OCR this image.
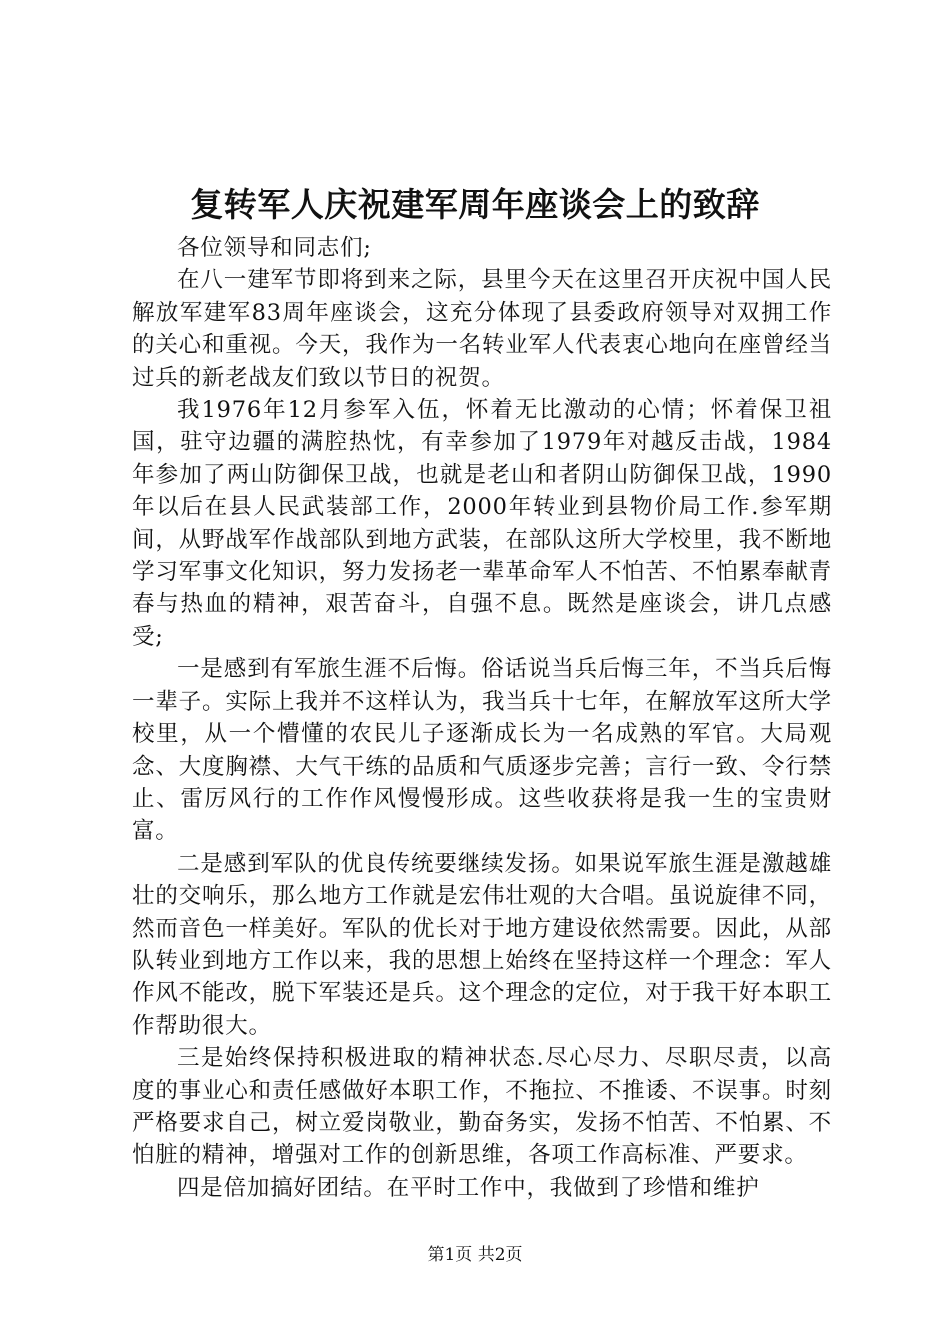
复转军人庆祝建军周年座谈会上的致辞

各位领导和同志们;

在八一建军节即将到来之际，县里今天在这里召开庆祝中国人民解放军建军83周年座谈会，这充分体现了县委政府领导对双拥工作的关心和重视。今天，我作为一名转业军人代表衷心地向在座曾经当过兵的新老战友们致以节日的祝贺。

我1976年12月参军入伍，怀着无比激动的心情；怀着保卫祖国，驻守边疆的满腔热忱，有幸参加了1979年对越反击战，1984年参加了两山防御保卫战，也就是老山和者阴山防御保卫战，1990年以后在县人民武装部工作，2000年转业到县物价局工作.参军期间，从野战军作战部队到地方武装，在部队这所大学校里，我不断地学习军事文化知识，努力发扬老一辈革命军人不怕苦、不怕累奉献青春与热血的精神，艰苦奋斗，自强不息。既然是座谈会，讲几点感受;

一是感到有军旅生涯不后悔。俗话说当兵后悔三年，不当兵后悔一辈子。实际上我并不这样认为，我当兵十七年，在解放军这所大学校里，从一个懵懂的农民儿子逐渐成长为一名成熟的军官。大局观念、大度胸襟、大气干练的品质和气质逐步完善；言行一致、令行禁止、雷厉风行的工作作风慢慢形成。这些收获将是我一生的宝贵财富。

二是感到军队的优良传统要继续发扬。如果说军旅生涯是激越雄壮的交响乐，那么地方工作就是宏伟壮观的大合唱。虽说旋律不同，然而音色一样美好。军队的优长对于地方建设依然需要。因此，从部队转业到地方工作以来，我的思想上始终在坚持这样一个理念：军人作风不能改，脱下军装还是兵。这个理念的定位，对于我干好本职工作帮助很大。

三是始终保持积极进取的精神状态.尽心尽力、尽职尽责，以高度的事业心和责任感做好本职工作，不拖拉、不推诿、不误事。时刻严格要求自己，树立爱岗敬业，勤奋务实，发扬不怕苦、不怕累、不怕脏的精神，增强对工作的创新思维，各项工作高标准、严要求。

四是倍加搞好团结。在平时工作中，我做到了珍惜和维护

第1页 共2页
